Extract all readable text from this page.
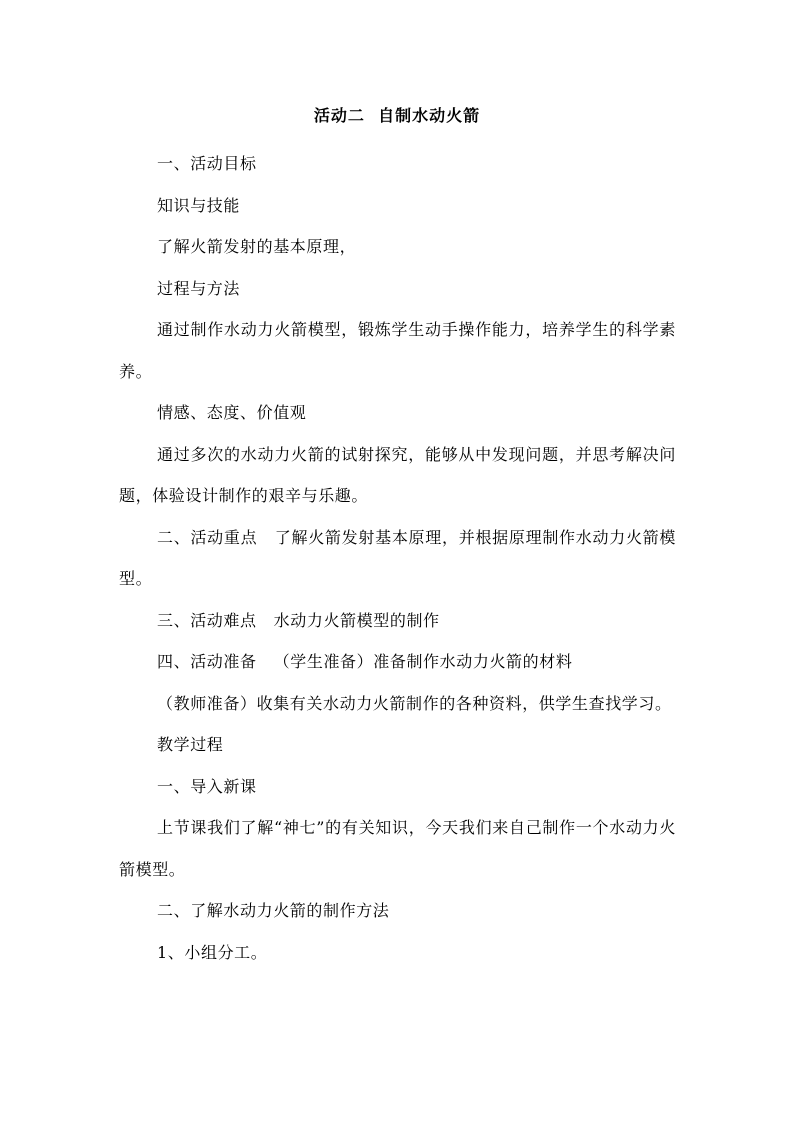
活动二  自制水动火箭

一、活动目标

知识与技能

了解火箭发射的基本原理，

过程与方法

通过制作水动力火箭模型，锻炼学生动手操作能力，培养学生的科学素养。

情感、态度、价值观

通过多次的水动力火箭的试射探究，能够从中发现问题，并思考解决问题，体验设计制作的艰辛与乐趣。

二、活动重点   了解火箭发射基本原理，并根据原理制作水动力火箭模型。

三、活动难点   水动力火箭模型的制作

四、活动准备   （学生准备）准备制作水动力火箭的材料

（教师准备）收集有关水动力火箭制作的各种资料，供学生查找学习。

教学过程

一、导入新课

上节课我们了解“神七”的有关知识，今天我们来自己制作一个水动力火箭模型。

二、了解水动力火箭的制作方法

1、小组分工。
